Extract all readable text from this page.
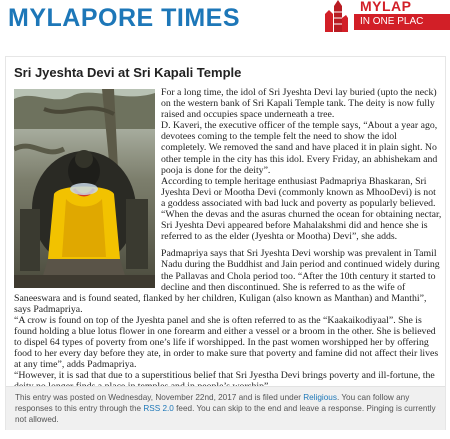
MYLAPORE TIMES	MYLAP
IN ONE PLAC
Sri Jyeshta Devi at Sri Kapali Temple

For a long time, the idol of Sri Jyeshta Devi lay buried (upto the neck) on the western bank of Sri Kapali Temple tank. The deity is now fully raised and occupies space underneath a tree.

D. Kaveri, the executive officer of the temple says, “About a year ago, devotees coming to the temple felt the need to show the idol completely. We removed the sand and have placed it in plain sight. No other temple in the city has this idol. Every Friday, an abhishekam and pooja is done for the deity”.

According to temple heritage enthusiast Padmapriya Bhaskaran, Sri Jyeshta Devi or Mootha Devi (commonly known as MhooDevi) is not a goddess associated with bad luck and poverty as popularly believed. “When the devas and the asuras churned the ocean for obtaining nectar, Sri Jyeshta Devi appeared before Mahalakshmi did and hence she is referred to as the elder (Jyeshta or Mootha) Devi”, she adds.

Padmapriya says that Sri Jyeshta Devi worship was prevalent in Tamil Nadu during the Buddhist and Jain period and continued widely during the Pallavas and Chola period too. “After the 10th century it started to decline and then discontinued. She is referred to as the wife of Saneeswara and is found seated, flanked by her children, Kuligan (also known as Manthan) and Manthi”, says Padmapriya.

“A crow is found on top of the Jyeshta panel and she is often referred to as the “Kaakaikodiyaal”. She is found holding a blue lotus flower in one forearm and either a vessel or a broom in the other. She is believed to dispel 64 types of poverty from one’s life if worshipped. In the past women worshipped her by offering food to her every day before they ate, in order to make sure that poverty and famine did not affect their lives at any time”, adds Padmapriya.

“However, it is sad that due to a superstitious belief that Sri Jyestha Devi brings poverty and ill-fortune, the

This entry was posted on Wednesday, November 22nd, 2017 and is filed under Religious. You can follow any responses to this entry through the RSS 2.0 feed. You can skip to the end and leave a response. Pinging is currently not allowed.
